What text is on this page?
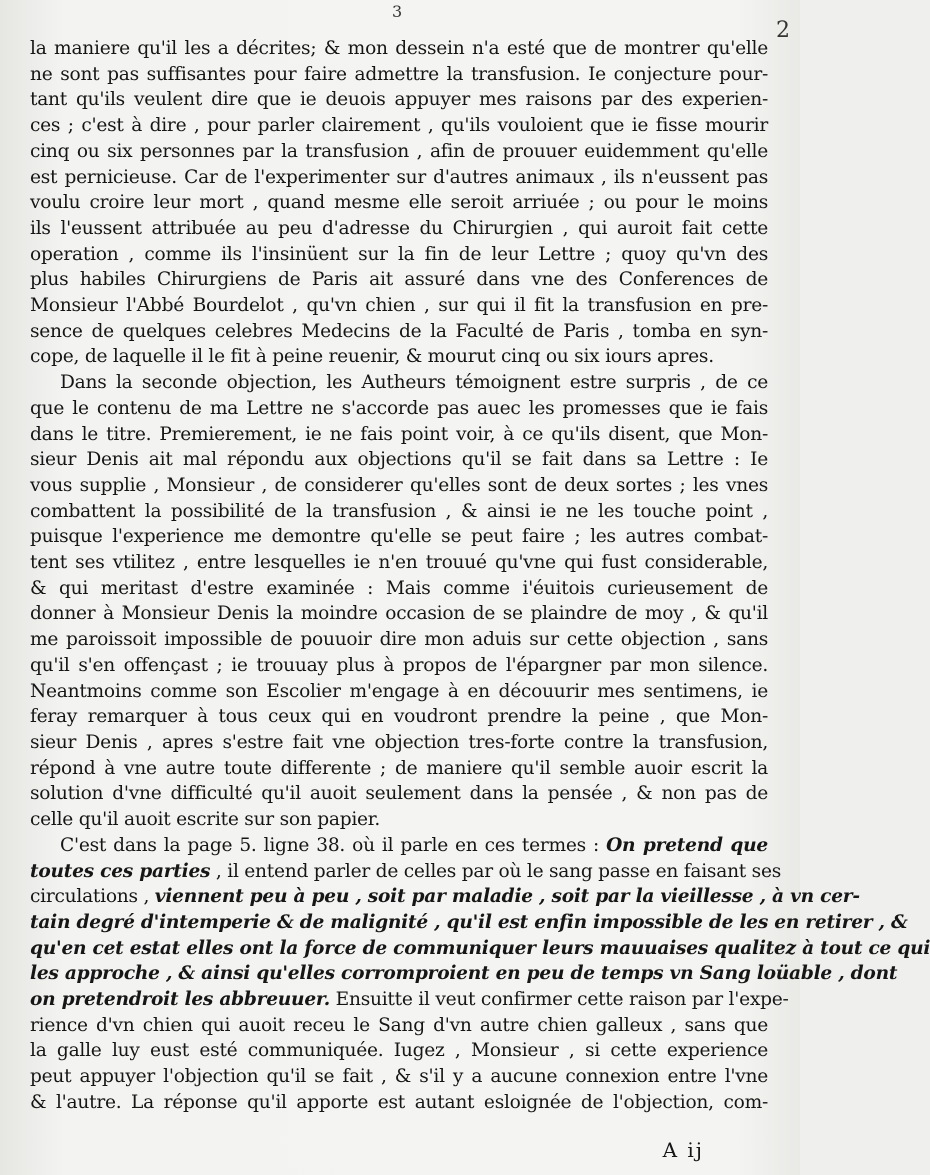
3
2
la maniere qu'il les a décrites; & mon dessein n'a esté que de montrer qu'elle
ne sont pas suffisantes pour faire admettre la transfusion. Ie conjecture pour-
tant qu'ils veulent dire que ie deuois appuyer mes raisons par des experien-
ces ; c'est à dire , pour parler clairement , qu'ils vouloient que ie fisse mourir
cinq ou six personnes par la transfusion , afin de prouuer euidemment qu'elle
est pernicieuse. Car de l'experimenter sur d'autres animaux , ils n'eussent pas
voulu croire leur mort , quand mesme elle seroit arriuée ; ou pour le moins
ils l'eussent attribuée au peu d'adresse du Chirurgien , qui auroit fait cette
operation , comme ils l'insinüent sur la fin de leur Lettre ; quoy qu'vn des
plus habiles Chirurgiens de Paris ait assuré dans vne des Conferences de
Monsieur l'Abbé Bourdelot , qu'vn chien , sur qui il fit la transfusion en pre-
sence de quelques celebres Medecins de la Faculté de Paris , tomba en syn-
cope, de laquelle il le fit à peine reuenir, & mourut cinq ou six iours apres.
Dans la seconde objection, les Autheurs témoignent estre surpris , de ce
que le contenu de ma Lettre ne s'accorde pas auec les promesses que ie fais
dans le titre. Premierement, ie ne fais point voir, à ce qu'ils disent, que Mon-
sieur Denis ait mal répondu aux objections qu'il se fait dans sa Lettre : Ie
vous supplie , Monsieur , de considerer qu'elles sont de deux sortes ; les vnes
combattent la possibilité de la transfusion , & ainsi ie ne les touche point ,
puisque l'experience me demontre qu'elle se peut faire ; les autres combat-
tent ses vtilitez , entre lesquelles ie n'en trouué qu'vne qui fust considerable,
& qui meritast d'estre examinée : Mais comme i'éuitois curieusement de
donner à Monsieur Denis la moindre occasion de se plaindre de moy , & qu'il
me paroissoit impossible de pouuoir dire mon aduis sur cette objection , sans
qu'il s'en offençast ; ie trouuay plus à propos de l'épargner par mon silence.
Neantmoins comme son Escolier m'engage à en découurir mes sentimens, ie
feray remarquer à tous ceux qui en voudront prendre la peine , que Mon-
sieur Denis , apres s'estre fait vne objection tres-forte contre la transfusion,
répond à vne autre toute differente ; de maniere qu'il semble auoir escrit la
solution d'vne difficulté qu'il auoit seulement dans la pensée , & non pas de
celle qu'il auoit escrite sur son papier.
C'est dans la page 5. ligne 38. où il parle en ces termes : On pretend que
toutes ces parties , il entend parler de celles par où le sang passe en faisant ses
circulations , viennent peu à peu , soit par maladie , soit par la vieillesse , à vn cer-
tain degré d'intemperie & de malignité , qu'il est enfin impossible de les en retirer , &
qu'en cet estat elles ont la force de communiquer leurs mauuaises qualitez à tout ce qui
les approche , & ainsi qu'elles corromproient en peu de temps vn Sang loüable , dont
on pretendroit les abbreuuer. Ensuitte il veut confirmer cette raison par l'expe-
rience d'vn chien qui auoit receu le Sang d'vn autre chien galleux , sans que
la galle luy eust esté communiquée. Iugez , Monsieur , si cette experience
peut appuyer l'objection qu'il se fait , & s'il y a aucune connexion entre l'vne
& l'autre. La réponse qu'il apporte est autant esloignée de l'objection, com-
A ij
